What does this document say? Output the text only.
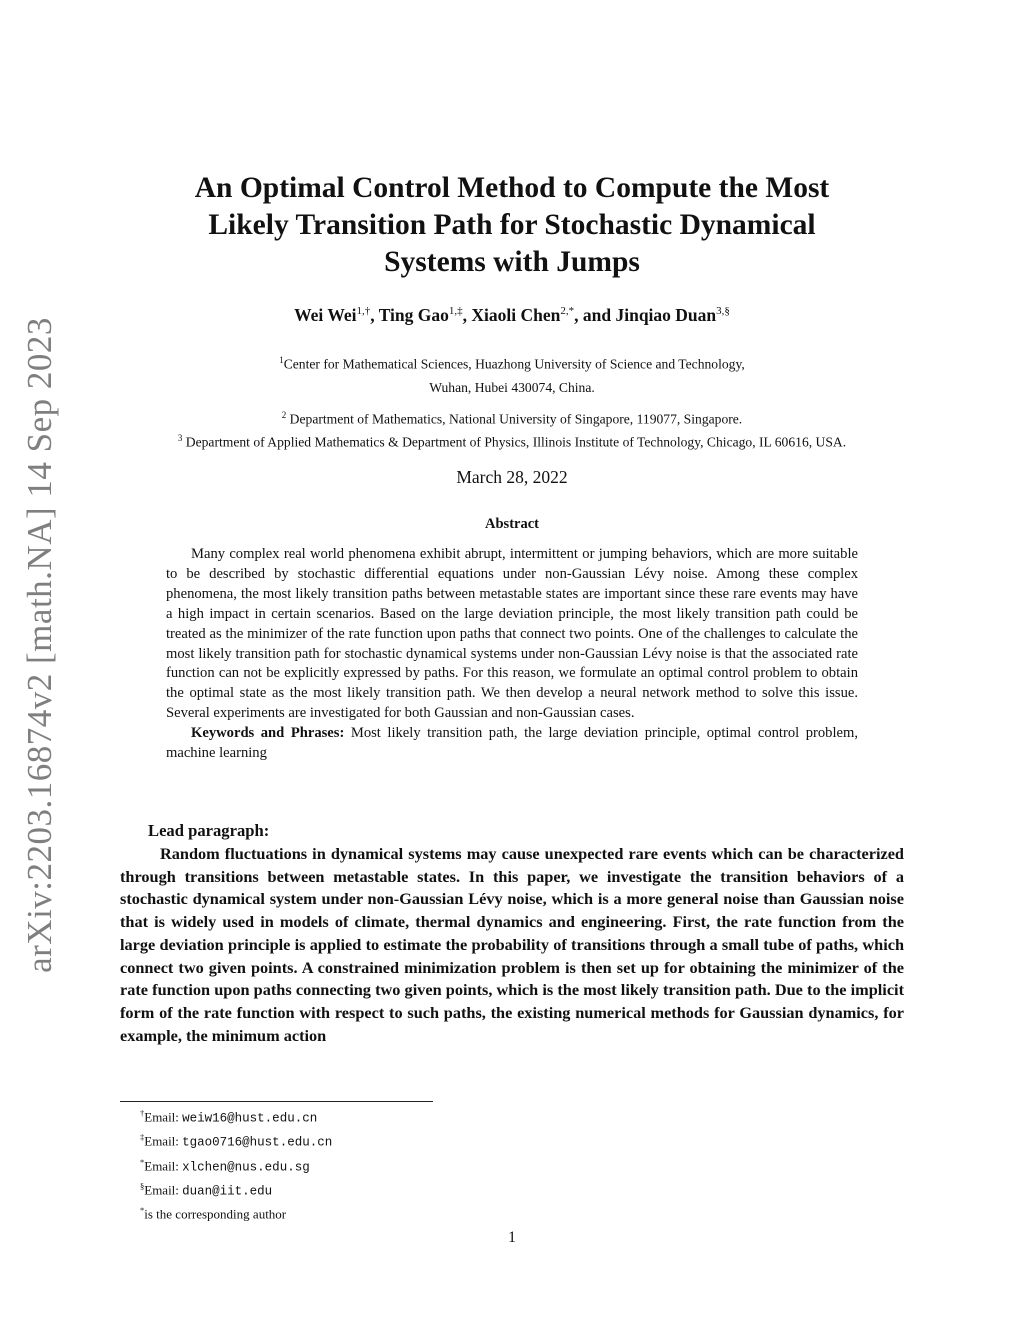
arXiv:2203.16874v2 [math.NA] 14 Sep 2023
An Optimal Control Method to Compute the Most
Likely Transition Path for Stochastic Dynamical
Systems with Jumps
Wei Wei$^{1,\dagger}$, Ting Gao$^{1,\ddagger}$, Xiaoli Chen$^{2,*}$, and Jinqiao Duan$^{3,\S}$
$^1$Center for Mathematical Sciences, Huazhong University of Science and Technology,
Wuhan, Hubei 430074, China.
$^2$ Department of Mathematics, National University of Singapore, 119077, Singapore.
$^3$ Department of Applied Mathematics & Department of Physics, Illinois Institute of Technology, Chicago, IL 60616, USA.
March 28, 2022
Abstract

Many complex real world phenomena exhibit abrupt, intermittent or jumping behaviors, which are more suitable to be described by stochastic differential equations under non-Gaussian Lévy noise. Among these complex phenomena, the most likely transition paths between metastable states are important since these rare events may have a high impact in certain scenarios. Based on the large deviation principle, the most likely transition path could be treated as the minimizer of the rate function upon paths that connect two points. One of the challenges to calculate the most likely transition path for stochastic dynamical systems under non-Gaussian Lévy noise is that the associated rate function can not be explicitly expressed by paths. For this reason, we formulate an optimal control problem to obtain the optimal state as the most likely transition path. We then develop a neural network method to solve this issue. Several experiments are investigated for both Gaussian and non-Gaussian cases.

Keywords and Phrases: Most likely transition path, the large deviation principle, optimal control problem, machine learning

Lead paragraph:

Random fluctuations in dynamical systems may cause unexpected rare events which can be characterized through transitions between metastable states. In this paper, we investigate the transition behaviors of a stochastic dynamical system under non-Gaussian Lévy noise, which is a more general noise than Gaussian noise that is widely used in models of climate, thermal dynamics and engineering. First, the rate function from the large deviation principle is applied to estimate the probability of transitions through a small tube of paths, which connect two given points. A constrained minimization problem is then set up for obtaining the minimizer of the rate function upon paths connecting two given points, which is the most likely transition path. Due to the implicit form of the rate function with respect to such paths, the existing numerical methods for Gaussian dynamics, for example, the minimum action

†Email: weiw16@hust.edu.cn
‡Email: tgao0716@hust.edu.cn
*Email: xlchen@nus.edu.sg
§Email: duan@iit.edu
*is the corresponding author
1
